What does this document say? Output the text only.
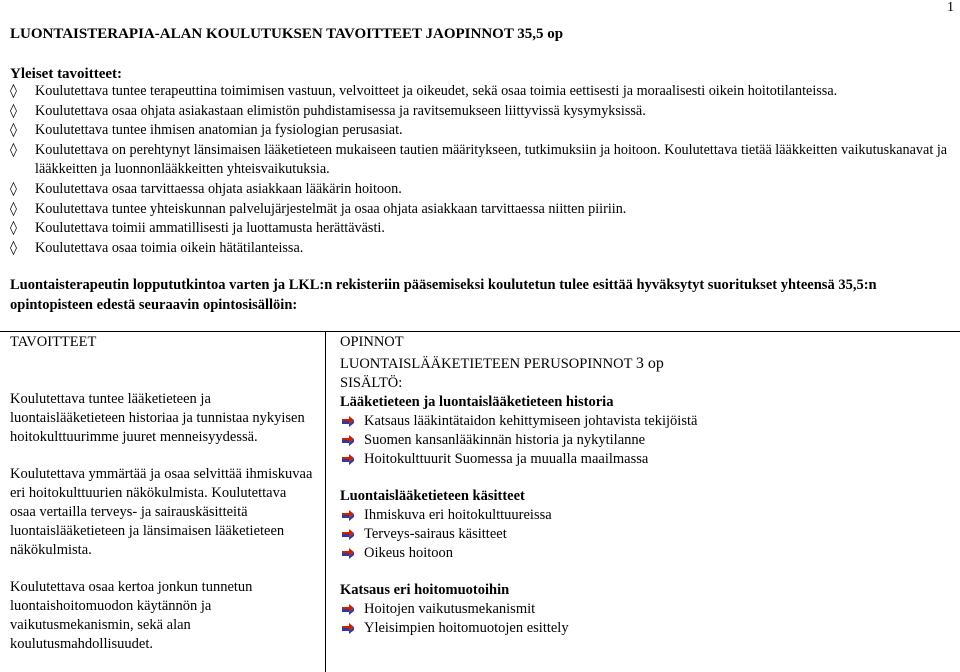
1
LUONTAISTERAPIA-ALAN KOULUTUKSEN TAVOITTEET JAOPINNOT 35,5 op
Yleiset tavoitteet:
◊ Koulutettava tuntee terapeuttina toimimisen vastuun, velvoitteet ja oikeudet, sekä osaa toimia eettisesti ja moraalisesti oikein hoitotilanteissa.
◊ Koulutettava osaa ohjata asiakastaan elimistön puhdistamisessa ja ravitsemukseen liittyvissä kysymyksissä.
◊ Koulutettava tuntee ihmisen anatomian ja fysiologian perusasiat.
◊ Koulutettava on perehtynyt länsimaisen lääketieteen mukaiseen tautien määritykseen, tutkimuksiin ja hoitoon. Koulutettava tietää lääkkeitten vaikutuskanavat ja lääkkeitten ja luonnonlääkkeitten yhteisvaikutuksia.
◊ Koulutettava osaa tarvittaessa ohjata asiakkaan lääkärin hoitoon.
◊ Koulutettava tuntee yhteiskunnan palvelujärjestelmät ja osaa ohjata asiakkaan tarvittaessa niitten piiriin.
◊ Koulutettava toimii ammatillisesti ja luottamusta herättävästi.
◊ Koulutettava osaa toimia oikein hätätilanteissa.
Luontaisterapeutin loppututkintoa varten ja LKL:n rekisteriin pääsemiseksi koulutetun tulee esittää hyväksytyt suoritukset yhteensä 35,5:n opintopisteen edestä seuraavin opintosisällöin:

TAVOITTEET

Koulutettava tuntee lääketieteen ja luontaislääketieteen historiaa ja tunnistaa nykyisen hoitokulttuurimme juuret menneisyydessä.

Koulutettava ymmärtää ja osaa selvittää ihmiskuvaa eri hoitokulttuurien näkökulmista. Koulutettava osaa vertailla terveys- ja sairauskäsitteitä luontaislääketieteen ja länsimaisen lääketieteen näkökulmista.

Koulutettava osaa kertoa jonkun tunnetun luontaishoitomuodon käytännön ja vaikutusmekanismin, sekä alan koulutusmahdollisuudet.

OPINNOT

LUONTAISLÄÄKETIETEEN PERUSOPINNOT 3 op

SISÄLTÖ:

Lääketieteen ja luontaislääketieteen historia

Katsaus lääkintätaidon kehittymiseen johtavista tekijöistä
Suomen kansanlääkinnän historia ja nykytilanne
Hoitokulttuurit Suomessa ja muualla maailmassa

Luontaislääketieteen käsitteet

Ihmiskuva eri hoitokulttuureissa
Terveys-sairaus käsitteet
Oikeus hoitoon

Katsaus eri hoitomuotoihin

Hoitojen vaikutusmekanismit
Yleisimpien hoitomuotojen esittely
